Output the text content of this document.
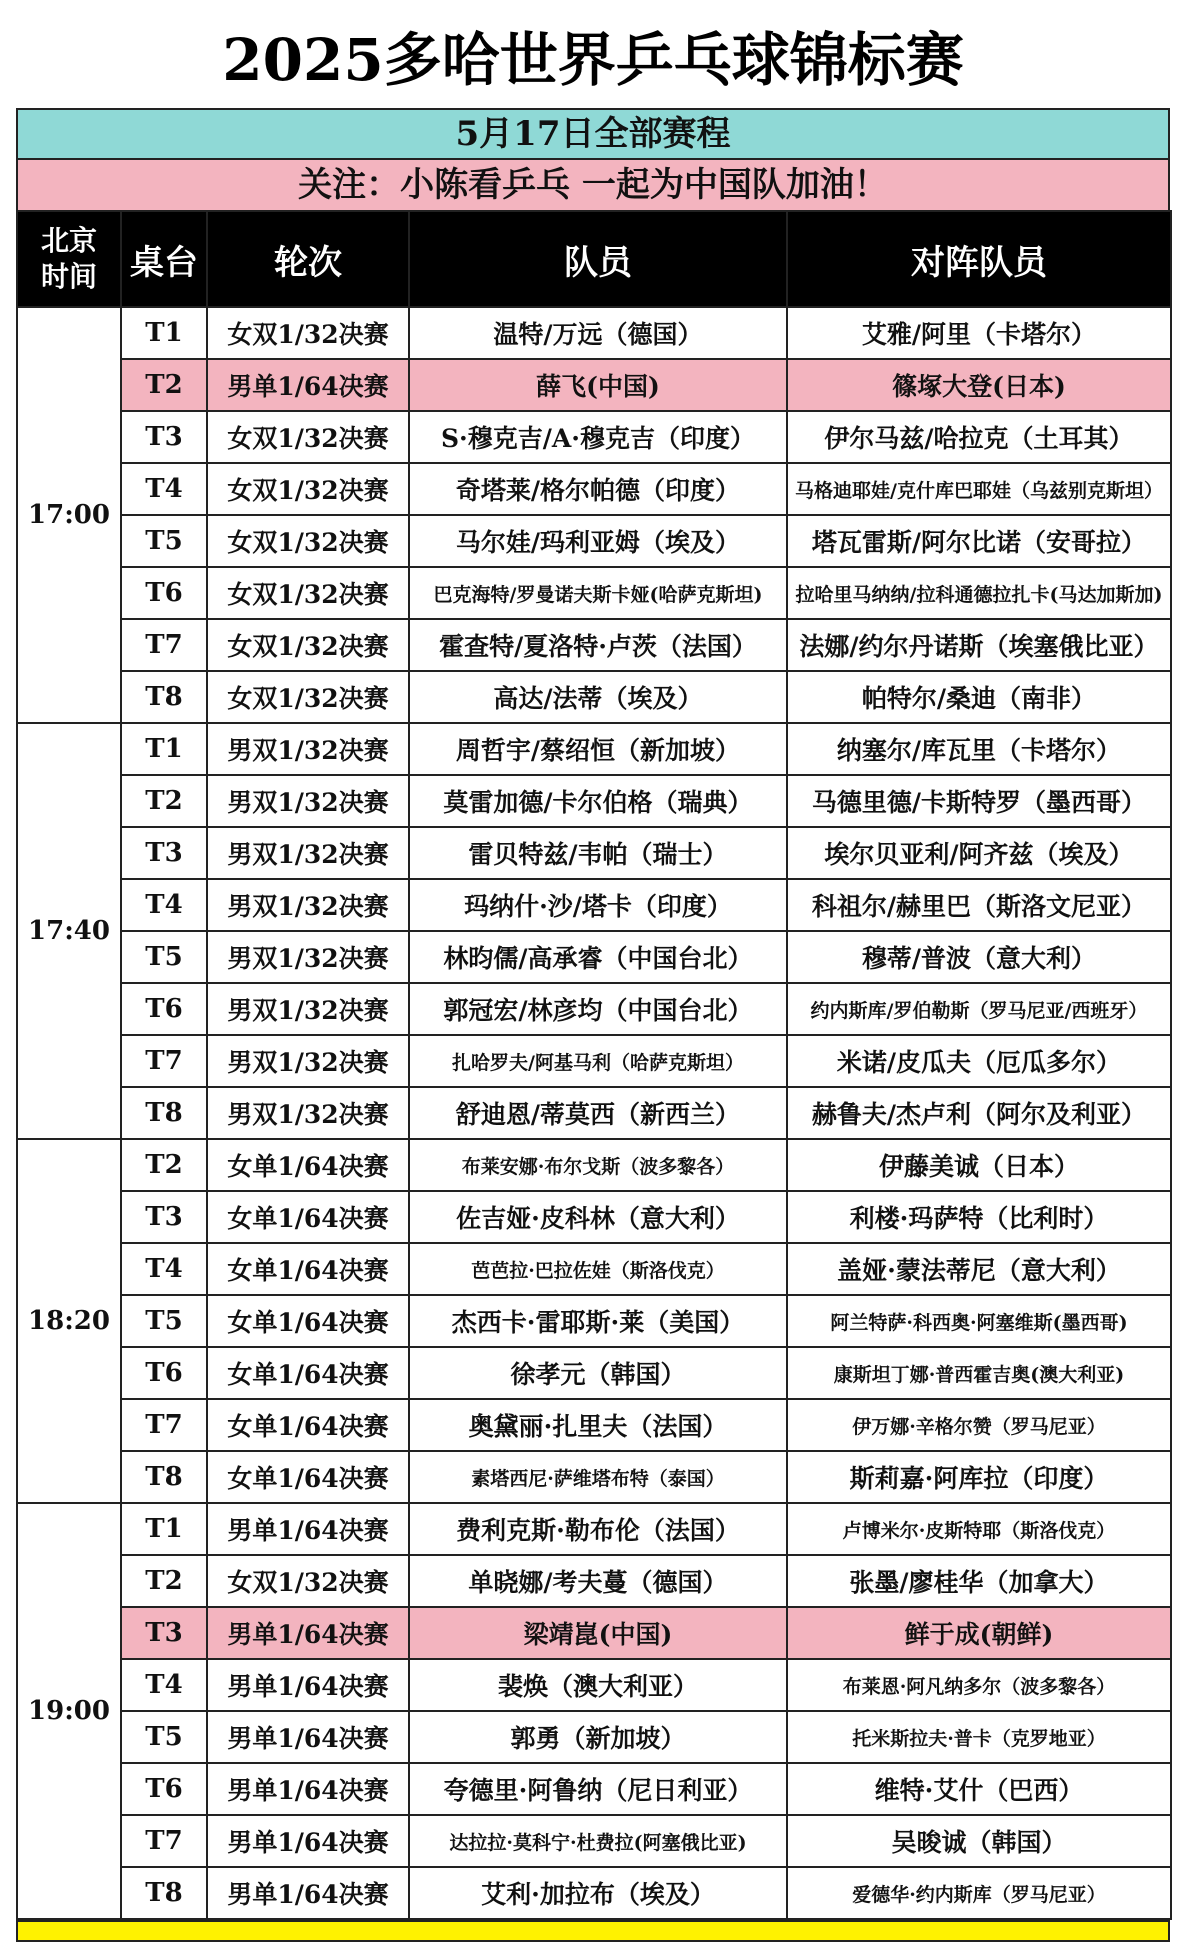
2025多哈世界乒乓球锦标赛
5月17日全部赛程
关注：小陈看乒乓 一起为中国队加油！
北京
时间	桌台	轮次	队员	对阵队员
17:00	T1	女双1/32决赛	温特/万远（德国）	艾雅/阿里（卡塔尔）
	T2	男单1/64决赛	薛飞(中国)	篠塚大登(日本)
	T3	女双1/32决赛	S·穆克吉/A·穆克吉（印度）	伊尔马兹/哈拉克（土耳其）
	T4	女双1/32决赛	奇塔莱/格尔帕德（印度）	马格迪耶娃/克什库巴耶娃（乌兹别克斯坦）
	T5	女双1/32决赛	马尔娃/玛利亚姆（埃及）	塔瓦雷斯/阿尔比诺（安哥拉）
	T6	女双1/32决赛	巴克海特/罗曼诺夫斯卡娅(哈萨克斯坦)	拉哈里马纳纳/拉科通德拉扎卡(马达加斯加)
	T7	女双1/32决赛	霍查特/夏洛特·卢茨（法国）	法娜/约尔丹诺斯（埃塞俄比亚）
	T8	女双1/32决赛	高达/法蒂（埃及）	帕特尔/桑迪（南非）
17:40	T1	男双1/32决赛	周哲宇/蔡绍恒（新加坡）	纳塞尔/库瓦里（卡塔尔）
	T2	男双1/32决赛	莫雷加德/卡尔伯格（瑞典）	马德里德/卡斯特罗（墨西哥）
	T3	男双1/32决赛	雷贝特兹/韦帕（瑞士）	埃尔贝亚利/阿齐兹（埃及）
	T4	男双1/32决赛	玛纳什·沙/塔卡（印度）	科祖尔/赫里巴（斯洛文尼亚）
	T5	男双1/32决赛	林昀儒/高承睿（中国台北）	穆蒂/普波（意大利）
	T6	男双1/32决赛	郭冠宏/林彦均（中国台北）	约内斯库/罗伯勒斯（罗马尼亚/西班牙）
	T7	男双1/32决赛	扎哈罗夫/阿基马利（哈萨克斯坦）	米诺/皮瓜夫（厄瓜多尔）
	T8	男双1/32决赛	舒迪恩/蒂莫西（新西兰）	赫鲁夫/杰卢利（阿尔及利亚）
18:20	T2	女单1/64决赛	布莱安娜·布尔戈斯（波多黎各）	伊藤美诚（日本）
	T3	女单1/64决赛	佐吉娅·皮科林（意大利）	利楼·玛萨特（比利时）
	T4	女单1/64决赛	芭芭拉·巴拉佐娃（斯洛伐克）	盖娅·蒙法蒂尼（意大利）
	T5	女单1/64决赛	杰西卡·雷耶斯·莱（美国）	阿兰特萨·科西奥·阿塞维斯(墨西哥)
	T6	女单1/64决赛	徐孝元（韩国）	康斯坦丁娜·普西霍吉奥(澳大利亚)
	T7	女单1/64决赛	奥黛丽·扎里夫（法国）	伊万娜·辛格尔赞（罗马尼亚）
	T8	女单1/64决赛	素塔西尼·萨维塔布特（泰国）	斯莉嘉·阿库拉（印度）
19:00	T1	男单1/64决赛	费利克斯·勒布伦（法国）	卢博米尔·皮斯特耶（斯洛伐克）
	T2	女双1/32决赛	单晓娜/考夫蔓（德国）	张墨/廖桂华（加拿大）
	T3	男单1/64决赛	梁靖崑(中国)	鲜于成(朝鲜)
	T4	男单1/64决赛	裴焕（澳大利亚）	布莱恩·阿凡纳多尔（波多黎各）
	T5	男单1/64决赛	郭勇（新加坡）	托米斯拉夫·普卡（克罗地亚）
	T6	男单1/64决赛	夸德里·阿鲁纳（尼日利亚）	维特·艾什（巴西）
	T7	男单1/64决赛	达拉拉·莫科宁·杜费拉(阿塞俄比亚)	吴晙诚（韩国）
	T8	男单1/64决赛	艾利·加拉布（埃及）	爱德华·约内斯库（罗马尼亚）
